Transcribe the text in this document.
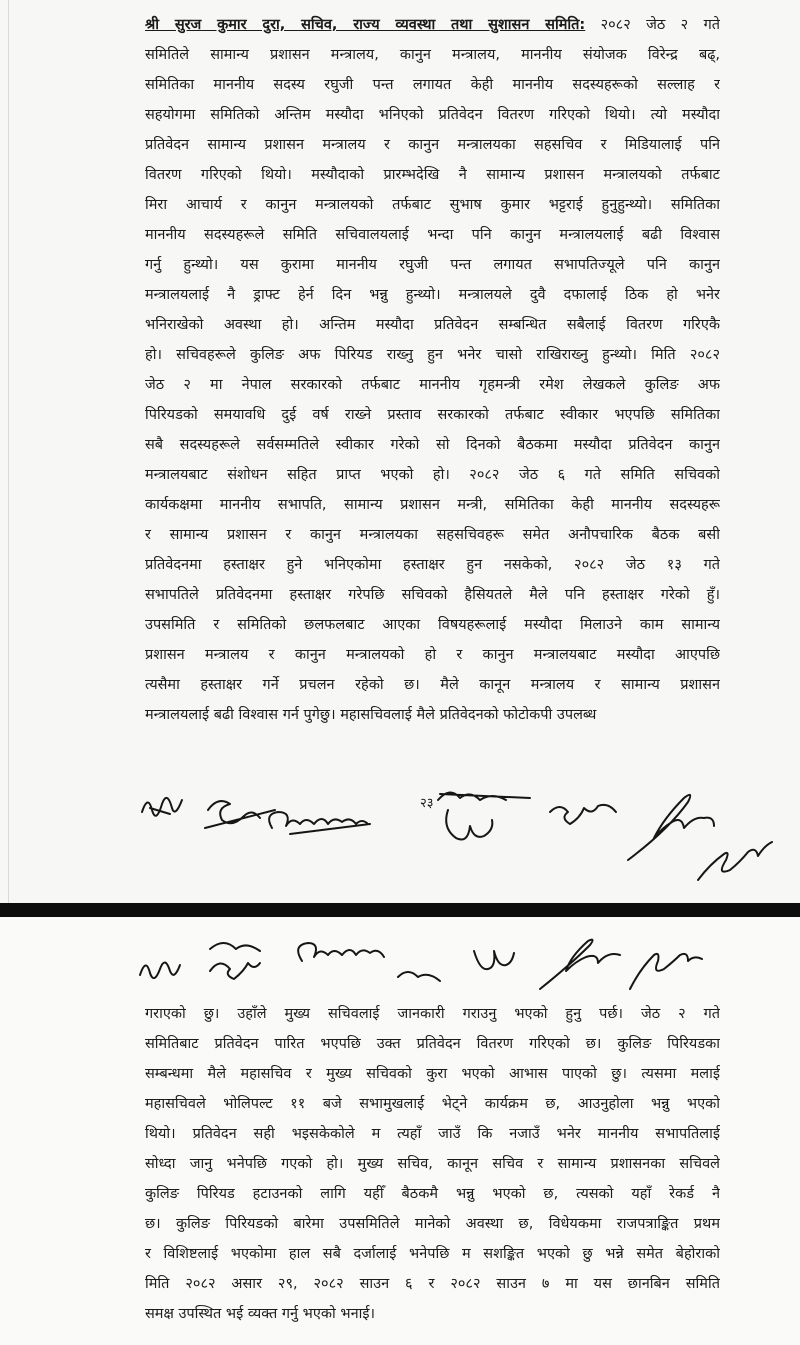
श्री सुरज कुमार दुरा, सचिव, राज्य व्यवस्था तथा सुशासन समिति: २०८२ जेठ २ गते
समितिले सामान्य प्रशासन मन्त्रालय, कानुन मन्त्रालय, माननीय संयोजक विरेन्द्र बढ्,
समितिका माननीय सदस्य रघुजी पन्त लगायत केही माननीय सदस्यहरूको सल्लाह र
सहयोगमा समितिको अन्तिम मस्यौदा भनिएको प्रतिवेदन वितरण गरिएको थियो। त्यो मस्यौदा
प्रतिवेदन सामान्य प्रशासन मन्त्रालय र कानुन मन्त्रालयका सहसचिव र मिडियालाई पनि
वितरण गरिएको थियो। मस्यौदाको प्रारम्भदेखि नै सामान्य प्रशासन मन्त्रालयको तर्फबाट
मिरा आचार्य र कानुन मन्त्रालयको तर्फबाट सुभाष कुमार भट्टराई हुनुहुन्थ्यो। समितिका
माननीय सदस्यहरूले समिति सचिवालयलाई भन्दा पनि कानुन मन्त्रालयलाई बढी विश्वास
गर्नु हुन्थ्यो। यस कुरामा माननीय रघुजी पन्त लगायत सभापतिज्यूले पनि कानुन
मन्त्रालयलाई नै ड्राफ्ट हेर्न दिन भन्नु हुन्थ्यो। मन्त्रालयले दुवै दफालाई ठिक हो भनेर
भनिराखेको अवस्था हो। अन्तिम मस्यौदा प्रतिवेदन सम्बन्धित सबैलाई वितरण गरिएकै
हो। सचिवहरूले कुलिङ अफ पिरियड राख्नु हुन भनेर चासो राखिराख्नु हुन्थ्यो। मिति २०८२
जेठ २ मा नेपाल सरकारको तर्फबाट माननीय गृहमन्त्री रमेश लेखकले कुलिङ अफ
पिरियडको समयावधि दुई वर्ष राख्ने प्रस्ताव सरकारको तर्फबाट स्वीकार भएपछि समितिका
सबै सदस्यहरूले सर्वसम्मतिले स्वीकार गरेको सो दिनको बैठकमा मस्यौदा प्रतिवेदन कानुन
मन्त्रालयबाट संशोधन सहित प्राप्त भएको हो। २०८२ जेठ ६ गते समिति सचिवको
कार्यकक्षमा माननीय सभापति, सामान्य प्रशासन मन्त्री, समितिका केही माननीय सदस्यहरू
र सामान्य प्रशासन र कानुन मन्त्रालयका सहसचिवहरू समेत अनौपचारिक बैठक बसी
प्रतिवेदनमा हस्ताक्षर हुने भनिएकोमा हस्ताक्षर हुन नसकेको, २०८२ जेठ १३ गते
सभापतिले प्रतिवेदनमा हस्ताक्षर गरेपछि सचिवको हैसियतले मैले पनि हस्ताक्षर गरेको हुँ।
उपसमिति र समितिको छलफलबाट आएका विषयहरूलाई मस्यौदा मिलाउने काम सामान्य
प्रशासन मन्त्रालय र कानुन मन्त्रालयको हो र कानुन मन्त्रालयबाट मस्यौदा आएपछि
त्यसैमा हस्ताक्षर गर्ने प्रचलन रहेको छ। मैले कानून मन्त्रालय र सामान्य प्रशासन
मन्त्रालयलाई बढी विश्वास गर्न पुगेछु। महासचिवलाई मैले प्रतिवेदनको फोटोकपी उपलब्ध
२३
गराएको छु। उहाँले मुख्य सचिवलाई जानकारी गराउनु भएको हुनु पर्छ। जेठ २ गते
समितिबाट प्रतिवेदन पारित भएपछि उक्त प्रतिवेदन वितरण गरिएको छ। कुलिङ पिरियडका
सम्बन्धमा मैले महासचिव र मुख्य सचिवको कुरा भएको आभास पाएको छु। त्यसमा मलाई
महासचिवले भोलिपल्ट ११ बजे सभामुखलाई भेट्ने कार्यक्रम छ, आउनुहोला भन्नु भएको
थियो। प्रतिवेदन सही भइसकेकोले म त्यहाँ जाउँ कि नजाउँ भनेर माननीय सभापतिलाई
सोध्दा जानु भनेपछि गएको हो। मुख्य सचिव, कानून सचिव र सामान्य प्रशासनका सचिवले
कुलिङ पिरियड हटाउनको लागि यहीँ बैठकमै भन्नु भएको छ, त्यसको यहाँ रेकर्ड नै
छ। कुलिङ पिरियडको बारेमा उपसमितिले मानेको अवस्था छ, विधेयकमा राजपत्राङ्कित प्रथम
र विशिष्टलाई भएकोमा हाल सबै दर्जालाई भनेपछि म सशङ्कित भएको छु भन्ने समेत बेहोराको
मिति २०८२ असार २९, २०८२ साउन ६ र २०८२ साउन ७ मा यस छानबिन समिति
समक्ष उपस्थित भई व्यक्त गर्नु भएको भनाई।
